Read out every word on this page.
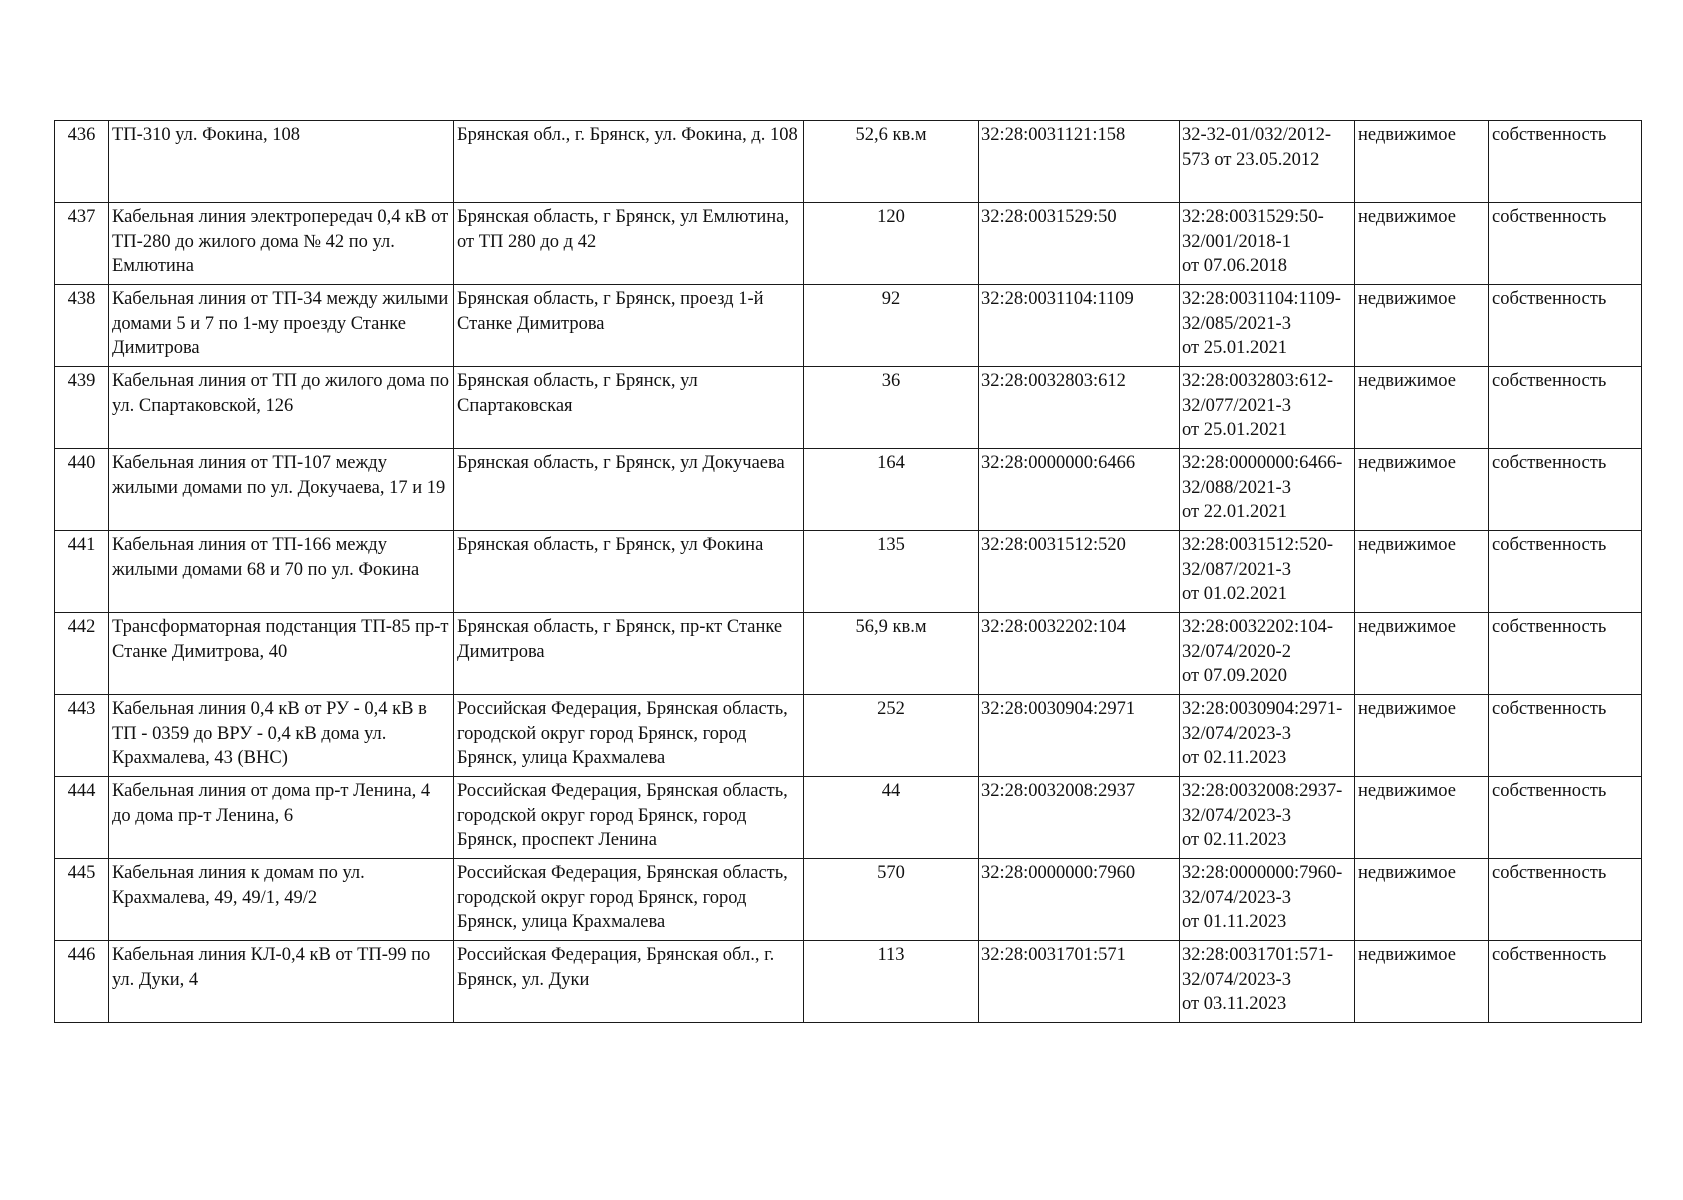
436	ТП-310 ул. Фокина, 108	Брянская обл., г. Брянск, ул. Фокина, д. 108	52,6 кв.м	32:28:0031121:158	32-32-01/032/2012-
573 от 23.05.2012	недвижимое	собственность
437	Кабельная линия электропередач 0,4 кВ от ТП-280 до жилого дома № 42 по ул. Емлютина	Брянская область, г Брянск, ул Емлютина, от ТП 280 до д 42	120	32:28:0031529:50	32:28:0031529:50-
32/001/2018-1
от 07.06.2018	недвижимое	собственность
438	Кабельная линия от ТП-34 между жилыми домами 5 и 7 по 1-му проезду Станке Димитрова	Брянская область, г Брянск, проезд 1-й Станке Димитрова	92	32:28:0031104:1109	32:28:0031104:1109-
32/085/2021-3
от 25.01.2021	недвижимое	собственность
439	Кабельная линия от ТП до жилого дома по ул. Спартаковской, 126	Брянская область, г Брянск, ул Спартаковская	36	32:28:0032803:612	32:28:0032803:612-
32/077/2021-3
от 25.01.2021	недвижимое	собственность
440	Кабельная линия от ТП-107 между жилыми домами по ул. Докучаева, 17 и 19	Брянская область, г Брянск, ул Докучаева	164	32:28:0000000:6466	32:28:0000000:6466-
32/088/2021-3
от 22.01.2021	недвижимое	собственность
441	Кабельная линия от ТП-166 между жилыми домами 68 и 70 по ул. Фокина	Брянская область, г Брянск, ул Фокина	135	32:28:0031512:520	32:28:0031512:520-
32/087/2021-3
от 01.02.2021	недвижимое	собственность
442	Трансформаторная подстанция ТП-85 пр-т Станке Димитрова, 40	Брянская область, г Брянск, пр-кт Станке Димитрова	56,9 кв.м	32:28:0032202:104	32:28:0032202:104-
32/074/2020-2
от 07.09.2020	недвижимое	собственность
443	Кабельная линия 0,4 кВ от РУ - 0,4 кВ в ТП - 0359 до ВРУ - 0,4 кВ дома ул. Крахмалева, 43 (ВНС)	Российская Федерация, Брянская область, городской округ город Брянск, город Брянск, улица Крахмалева	252	32:28:0030904:2971	32:28:0030904:2971-
32/074/2023-3
от 02.11.2023	недвижимое	собственность
444	Кабельная линия от дома пр-т Ленина, 4 до дома пр-т Ленина, 6	Российская Федерация, Брянская область, городской округ город Брянск, город Брянск, проспект Ленина	44	32:28:0032008:2937	32:28:0032008:2937-
32/074/2023-3
от 02.11.2023	недвижимое	собственность
445	Кабельная линия к домам по ул. Крахмалева, 49, 49/1, 49/2	Российская Федерация, Брянская область, городской округ город Брянск, город Брянск, улица Крахмалева	570	32:28:0000000:7960	32:28:0000000:7960-
32/074/2023-3
от 01.11.2023	недвижимое	собственность
446	Кабельная линия КЛ-0,4 кВ от ТП-99 по ул. Дуки, 4	Российская Федерация, Брянская обл., г. Брянск, ул. Дуки	113	32:28:0031701:571	32:28:0031701:571-
32/074/2023-3
от 03.11.2023	недвижимое	собственность
